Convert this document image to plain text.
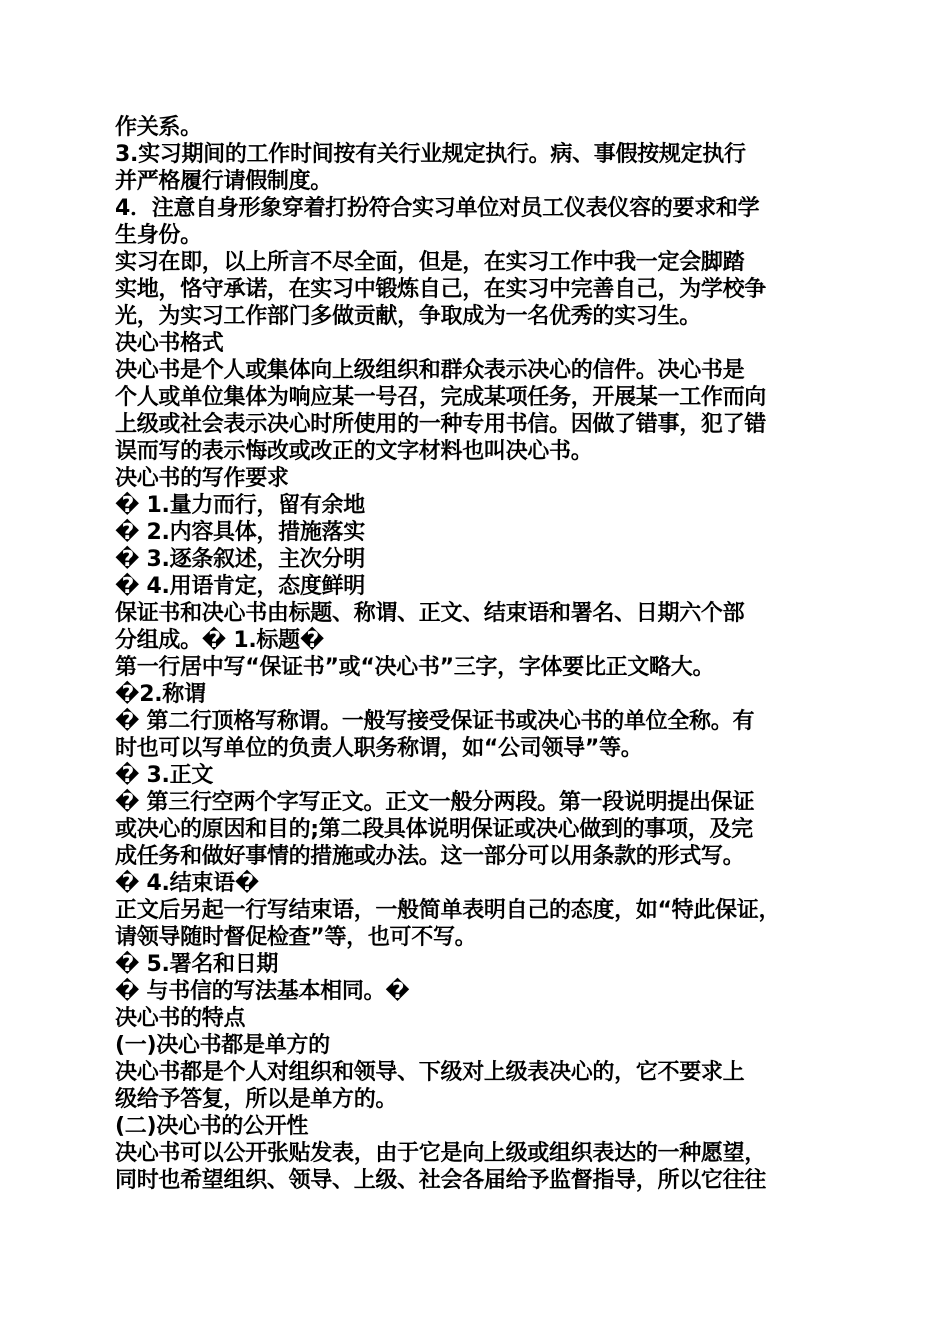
作关系。
3.实习期间的工作时间按有关行业规定执行。病、事假按规定执行
并严格履行请假制度。
4．注意自身形象穿着打扮符合实习单位对员工仪表仪容的要求和学
生身份。
实习在即，以上所言不尽全面，但是，在实习工作中我一定会脚踏
实地，恪守承诺，在实习中锻炼自己，在实习中完善自己，为学校争
光，为实习工作部门多做贡献，争取成为一名优秀的实习生。
决心书格式
决心书是个人或集体向上级组织和群众表示决心的信件。决心书是
个人或单位集体为响应某一号召，完成某项任务，开展某一工作而向
上级或社会表示决心时所使用的一种专用书信。因做了错事，犯了错
误而写的表示悔改或改正的文字材料也叫决心书。
决心书的写作要求
� 1.量力而行，留有余地
� 2.内容具体，措施落实
� 3.逐条叙述，主次分明
� 4.用语肯定，态度鲜明
保证书和决心书由标题、称谓、正文、结束语和署名、日期六个部
分组成。� 1.标题�
第一行居中写“保证书”或“决心书”三字，字体要比正文略大。
�2.称谓
� 第二行顶格写称谓。一般写接受保证书或决心书的单位全称。有
时也可以写单位的负责人职务称谓，如“公司领导”等。
� 3.正文
� 第三行空两个字写正文。正文一般分两段。第一段说明提出保证
或决心的原因和目的;第二段具体说明保证或决心做到的事项，及完
成任务和做好事情的措施或办法。这一部分可以用条款的形式写。
� 4.结束语�
正文后另起一行写结束语，一般简单表明自己的态度，如“特此保证，
请领导随时督促检查”等，也可不写。
� 5.署名和日期
� 与书信的写法基本相同。�
决心书的特点
(一)决心书都是单方的
决心书都是个人对组织和领导、下级对上级表决心的，它不要求上
级给予答复，所以是单方的。
(二)决心书的公开性
决心书可以公开张贴发表，由于它是向上级或组织表达的一种愿望，
同时也希望组织、领导、上级、社会各届给予监督指导，所以它往往
